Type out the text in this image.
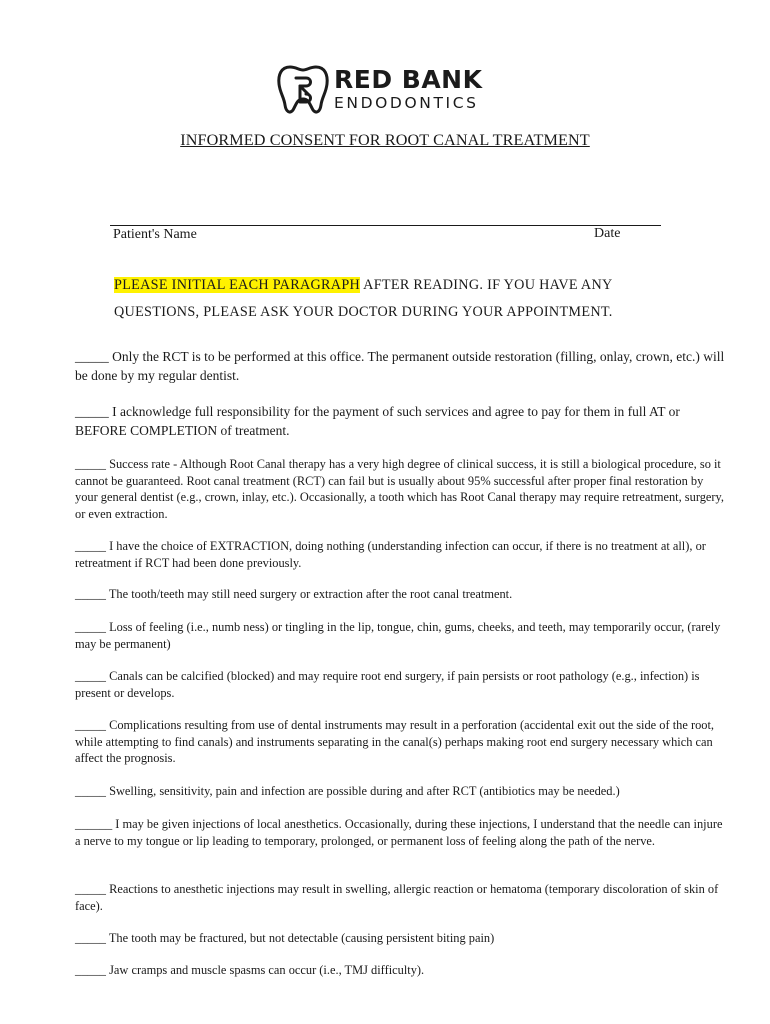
RED BANK
ENDODONTICS
INFORMED CONSENT FOR ROOT CANAL TREATMENT
Patient's Name	Date
PLEASE INITIAL EACH PARAGRAPH AFTER READING. IF YOU HAVE ANY
QUESTIONS, PLEASE ASK YOUR DOCTOR DURING YOUR APPOINTMENT.
_____ Only the RCT is to be performed at this office. The permanent outside restoration (filling, onlay, crown, etc.) will be done by my regular dentist.
_____ I acknowledge full responsibility for the payment of such services and agree to pay for them in full AT or BEFORE COMPLETION of treatment.
_____ Success rate - Although Root Canal therapy has a very high degree of clinical success, it is still a biological procedure, so it cannot be guaranteed. Root canal treatment (RCT) can fail but is usually about 95% successful after proper final restoration by your general dentist (e.g., crown, inlay, etc.). Occasionally, a tooth which has Root Canal therapy may require retreatment, surgery, or even extraction.
_____ I have the choice of EXTRACTION, doing nothing (understanding infection can occur, if there is no treatment at all), or retreatment if RCT had been done previously.
_____ The tooth/teeth may still need surgery or extraction after the root canal treatment.
_____ Loss of feeling (i.e., numb ness) or tingling in the lip, tongue, chin, gums, cheeks, and teeth, may temporarily occur, (rarely may be permanent)
_____ Canals can be calcified (blocked) and may require root end surgery, if pain persists or root pathology (e.g., infection) is present or develops.
_____ Complications resulting from use of dental instruments may result in a perforation (accidental exit out the side of the root, while attempting to find canals) and instruments separating in the canal(s) perhaps making root end surgery necessary which can affect the prognosis.
_____ Swelling, sensitivity, pain and infection are possible during and after RCT (antibiotics may be needed.)
______ I may be given injections of local anesthetics. Occasionally, during these injections, I understand that the needle can injure a nerve to my tongue or lip leading to temporary, prolonged, or permanent loss of feeling along the path of the nerve.
_____ Reactions to anesthetic injections may result in swelling, allergic reaction or hematoma (temporary discoloration of skin of face).
_____ The tooth may be fractured, but not detectable (causing persistent biting pain)
_____ Jaw cramps and muscle spasms can occur (i.e., TMJ difficulty).
